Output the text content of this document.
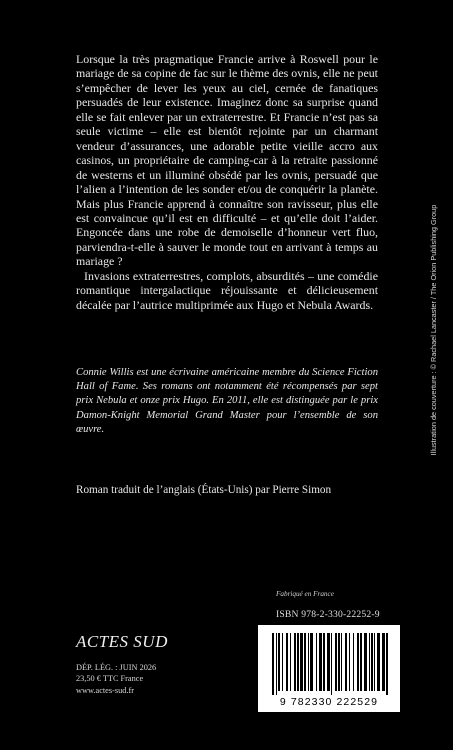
Lorsque la très pragmatique Francie arrive à Roswell pour le mariage de sa copine de fac sur le thème des ovnis, elle ne peut s’empêcher de lever les yeux au ciel, cernée de fanatiques persuadés de leur existence. Imaginez donc sa surprise quand elle se fait enlever par un extraterrestre. Et Francie n’est pas sa seule victime – elle est bientôt rejointe par un charmant vendeur d’assurances, une adorable petite vieille accro aux casinos, un propriétaire de camping-car à la retraite passionné de westerns et un illuminé obsédé par les ovnis, persuadé que l’alien a l’intention de les sonder et/ou de conquérir la planète. Mais plus Francie apprend à connaître son ravisseur, plus elle est convaincue qu’il est en difficulté – et qu’elle doit l’aider. Engoncée dans une robe de demoiselle d’honneur vert fluo, parviendra-t-elle à sauver le monde tout en arrivant à temps au mariage ?

Invasions extraterrestres, complots, absurdités – une comédie romantique intergalactique réjouissante et délicieusement décalée par l’autrice multiprimée aux Hugo et Nebula Awards.

Connie Willis est une écrivaine américaine membre du Science Fiction Hall of Fame. Ses romans ont notamment été récompensés par sept prix Nebula et onze prix Hugo. En 2011, elle est distinguée par le prix Damon-Knight Memorial Grand Master pour l’ensemble de son œuvre.
Roman traduit de l’anglais (États-Unis) par Pierre Simon
Illustration de couverture : © Rachael Lancaster / The Orion Publishing Group
Fabriqué en France
ISBN 978-2-330-22252-9
9 782330 222529
ACTES SUD
DÉP. LÉG. : JUIN 2026
23,50 € TTC France
www.actes-sud.fr
